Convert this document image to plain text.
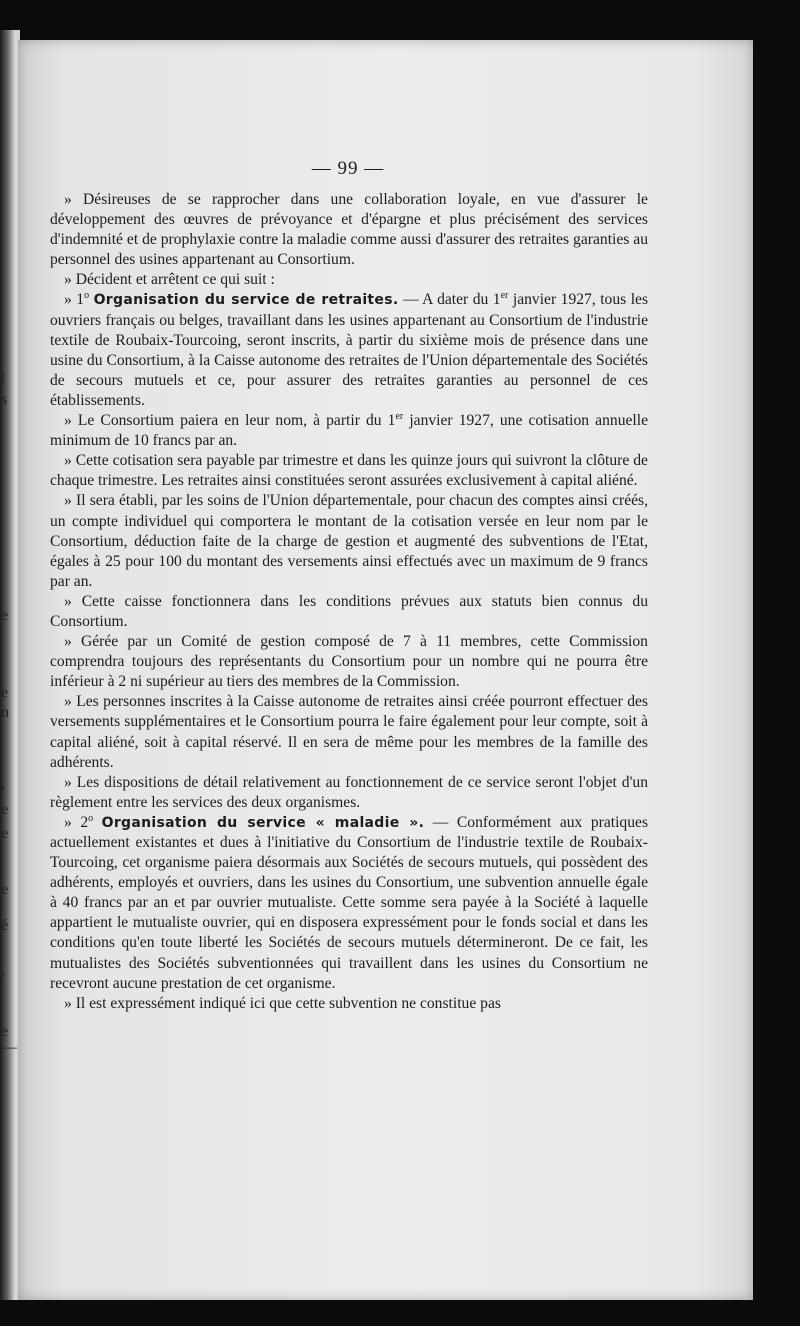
t
s
e
e
n
,
e
e
e
é
,
e
—
— 99 —

» Désireuses de se rapprocher dans une collaboration loyale, en vue d'assurer le développement des œuvres de prévoyance et d'épargne et plus précisément des services d'indemnité et de prophylaxie contre la maladie comme aussi d'assurer des retraites garanties au personnel des usines appartenant au Consortium.

» Décident et arrêtent ce qui suit :

» 1$^o$ Organisation du service de retraites. — A dater du 1er janvier 1927, tous les ouvriers français ou belges, travaillant dans les usines appartenant au Consortium de l'industrie textile de Roubaix-Tourcoing, seront inscrits, à partir du sixième mois de présence dans une usine du Consortium, à la Caisse autonome des retraites de l'Union départementale des Sociétés de secours mutuels et ce, pour assurer des retraites garanties au personnel de ces établissements.

» Le Consortium paiera en leur nom, à partir du 1er janvier 1927, une cotisation annuelle minimum de 10 francs par an.

» Cette cotisation sera payable par trimestre et dans les quinze jours qui suivront la clôture de chaque trimestre. Les retraites ainsi constituées seront assurées exclusivement à capital aliéné.

» Il sera établi, par les soins de l'Union départementale, pour chacun des comptes ainsi créés, un compte individuel qui comportera le montant de la cotisation versée en leur nom par le Consortium, déduction faite de la charge de gestion et augmenté des subventions de l'Etat, égales à 25 pour 100 du montant des versements ainsi effectués avec un maximum de 9 francs par an.

» Cette caisse fonctionnera dans les conditions prévues aux statuts bien connus du Consortium.

» Gérée par un Comité de gestion composé de 7 à 11 membres, cette Commission comprendra toujours des représentants du Consortium pour un nombre qui ne pourra être inférieur à 2 ni supérieur au tiers des membres de la Commission.

» Les personnes inscrites à la Caisse autonome de retraites ainsi créée pourront effectuer des versements supplémentaires et le Consortium pourra le faire également pour leur compte, soit à capital aliéné, soit à capital réservé. Il en sera de même pour les membres de la famille des adhérents.

» Les dispositions de détail relativement au fonctionnement de ce service seront l'objet d'un règlement entre les services des deux organismes.

» 2$^o$ Organisation du service « maladie ». — Conformément aux pratiques actuellement existantes et dues à l'initiative du Consortium de l'industrie textile de Roubaix-Tourcoing, cet organisme paiera désormais aux Sociétés de secours mutuels, qui possèdent des adhérents, employés et ouvriers, dans les usines du Consortium, une subvention annuelle égale à 40 francs par an et par ouvrier mutualiste. Cette somme sera payée à la Société à laquelle appartient le mutualiste ouvrier, qui en disposera expressément pour le fonds social et dans les conditions qu'en toute liberté les Sociétés de secours mutuels détermineront. De ce fait, les mutualistes des Sociétés subventionnées qui travaillent dans les usines du Consortium ne recevront aucune prestation de cet organisme.

» Il est expressément indiqué ici que cette subvention ne constitue pas
